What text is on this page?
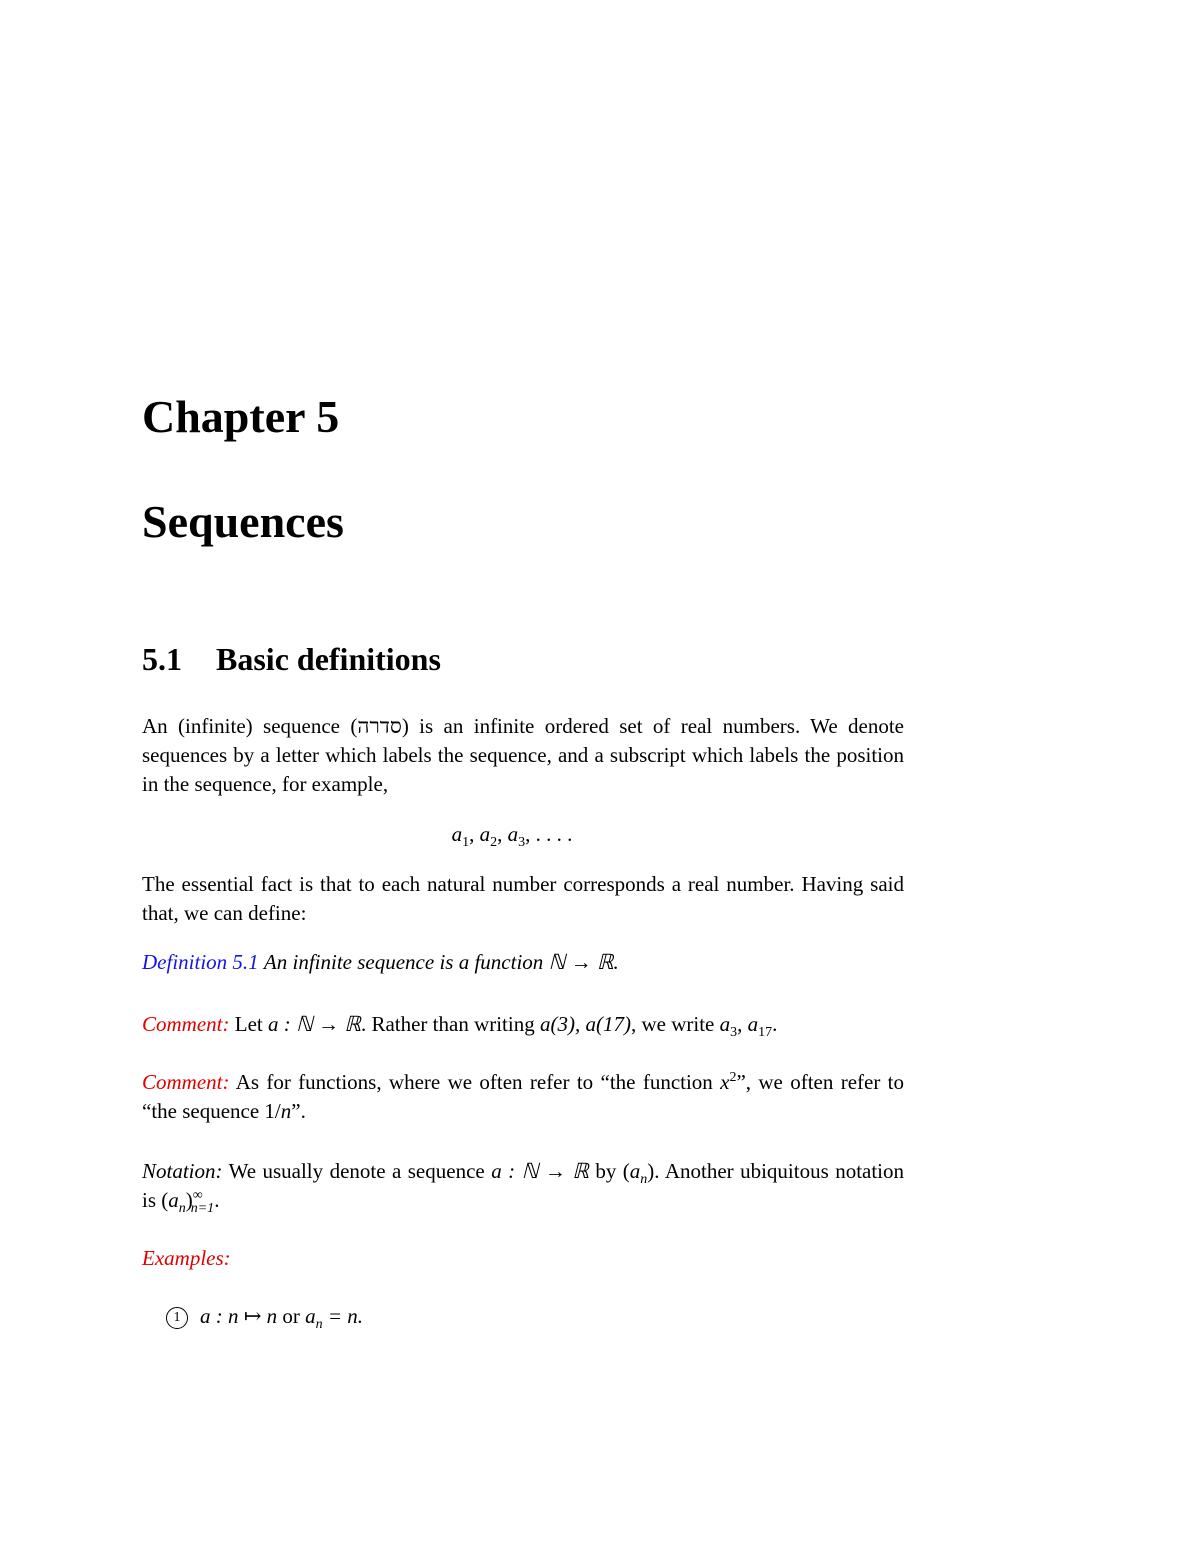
Chapter 5
Sequences
5.1 Basic definitions

An (infinite) sequence (סדרה) is an infinite ordered set of real numbers. We denote sequences by a letter which labels the sequence, and a subscript which labels the position in the sequence, for example,

$a_1$, $a_2$, $a_3$, . . . .

The essential fact is that to each natural number corresponds a real number. Having said that, we can define:

Definition 5.1 An infinite sequence is a function ℕ → ℝ.

Comment: Let a : ℕ → ℝ. Rather than writing a(3), a(17), we write $a_3$, $a_{17}$.

Comment: As for functions, where we often refer to “the function $x^2$”, we often refer to “the sequence 1/n”.

Notation: We usually denote a sequence a : ℕ → ℝ by $(a_n)$. Another ubiquitous notation is $(a_n)^\infty_{n=1}$.

Examples:

1 a : n ↦ n or $a_n = n$.
